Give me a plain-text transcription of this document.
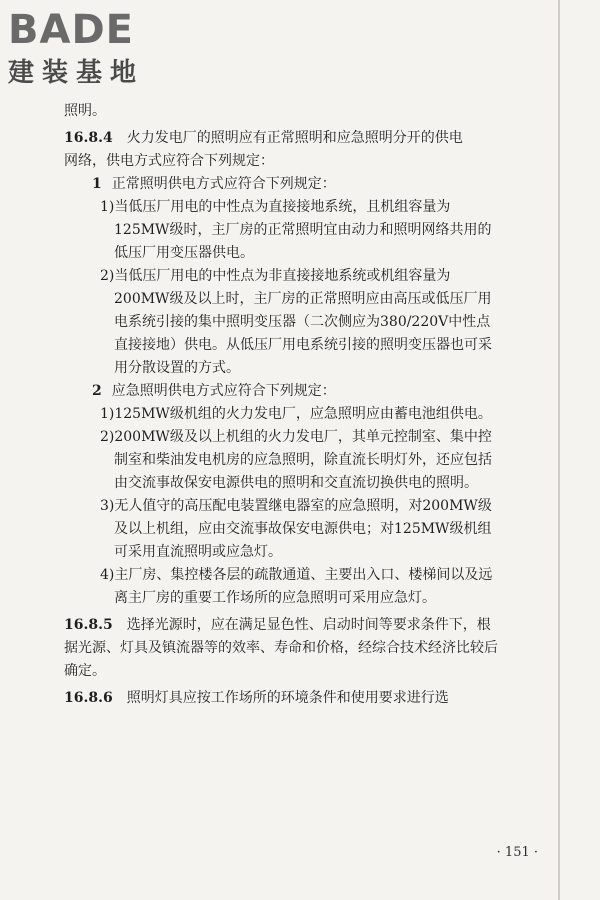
BADE
建装基地

照明。

16.8.4 火力发电厂的照明应有正常照明和应急照明分开的供电
网络，供电方式应符合下列规定：
1 正常照明供电方式应符合下列规定：

1)当低压厂用电的中性点为直接接地系统，且机组容量为125MW级时，主厂房的正常照明宜由动力和照明网络共用的低压厂用变压器供电。

2)当低压厂用电的中性点为非直接接地系统或机组容量为200MW级及以上时，主厂房的正常照明应由高压或低压厂用电系统引接的集中照明变压器（二次侧应为380/220V中性点直接接地）供电。从低压厂用电系统引接的照明变压器也可采用分散设置的方式。

2 应急照明供电方式应符合下列规定：

1)125MW级机组的火力发电厂，应急照明应由蓄电池组供电。

2)200MW级及以上机组的火力发电厂，其单元控制室、集中控制室和柴油发电机房的应急照明，除直流长明灯外，还应包括由交流事故保安电源供电的照明和交直流切换供电的照明。

3)无人值守的高压配电装置继电器室的应急照明，对200MW级及以上机组，应由交流事故保安电源供电；对125MW级机组可采用直流照明或应急灯。

4)主厂房、集控楼各层的疏散通道、主要出入口、楼梯间以及远离主厂房的重要工作场所的应急照明可采用应急灯。

16.8.5 选择光源时，应在满足显色性、启动时间等要求条件下，根据光源、灯具及镇流器等的效率、寿命和价格，经综合技术经济比较后确定。
16.8.6 照明灯具应按工作场所的环境条件和使用要求进行选
· 151 ·
